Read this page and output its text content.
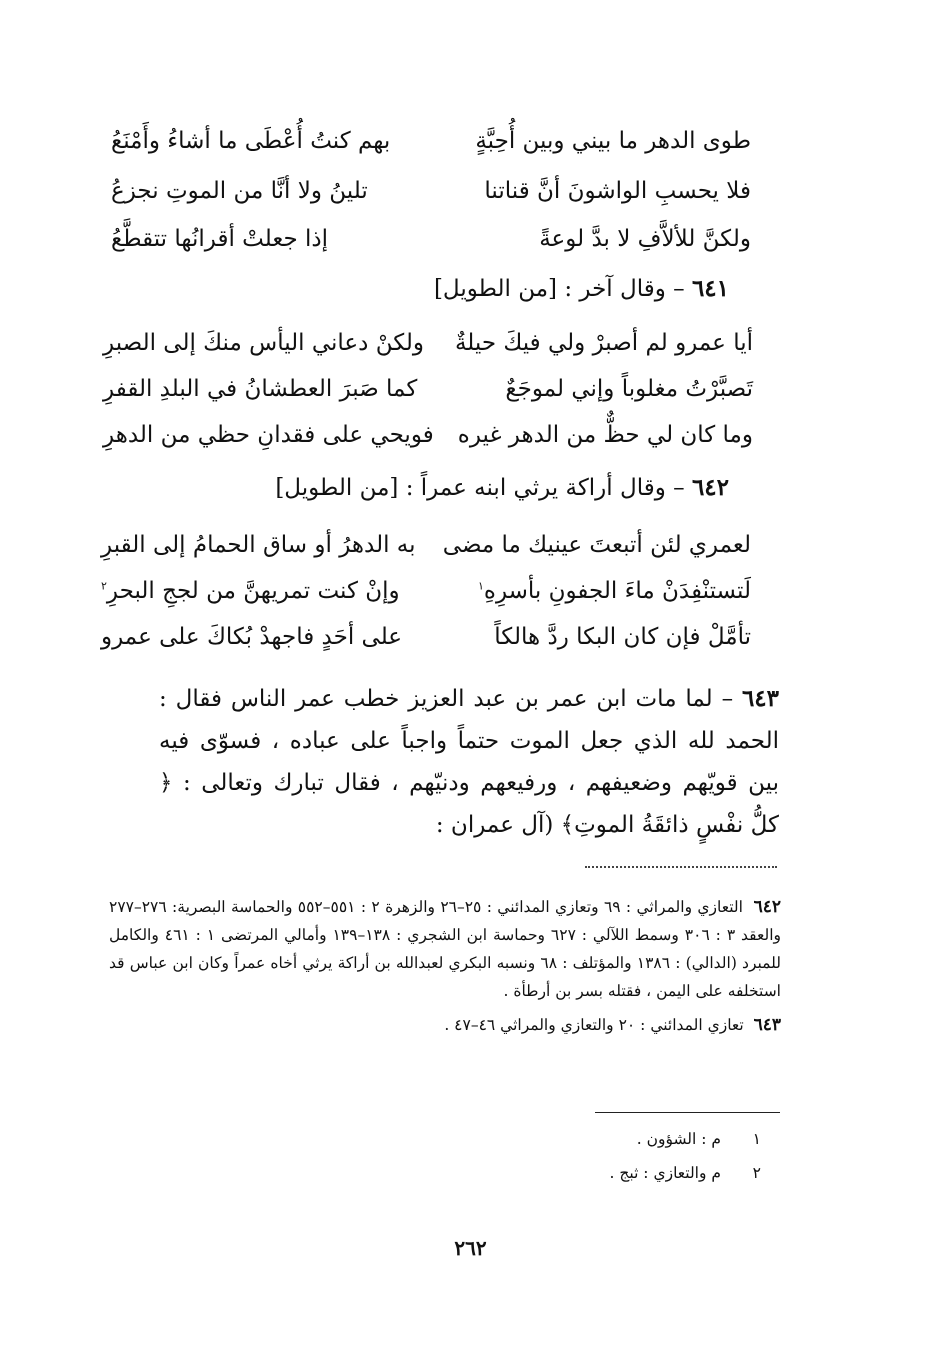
طوى الدهر ما بيني وبين أُحِبَّةٍ
بهم كنتُ أُعْطَى ما أشاءُ وأَمْنَعُ
فلا يحسبِ الواشونَ أنَّ قناتنا
تلينُ ولا أنَّا من الموتِ نجزعُ
ولكنَّ للألاَّفِ لا بدَّ لوعةً
إذا جعلتْ أقرانُها تتقطَّعُ
٦٤١ – وقال آخر : [من الطويل]
أيا عمرو لم أصبرْ ولي فيكَ حيلةٌ
ولكنْ دعاني اليأس منكَ إلى الصبرِ
تَصبَّرْتُ مغلوباً وإني لموجَعٌ
كما صَبرَ العطشانُ في البلدِ القفرِ
وما كان لي حظٌّ من الدهر غيره
فويحي على فقدانِ حظي من الدهرِ
٦٤٢ – وقال أراكة يرثي ابنه عمراً : [من الطويل]
لعمري لئن أتبعتَ عينيك ما مضى
به الدهرُ أو ساق الحمامُ إلى القبرِ
لَتستنْفِدَنْ ماءَ الجفونِ بأسرِهِ$^١$
وإنْ كنت تمريهنَّ من لججِ البحرِ$^٢$
تأمَّلْ فإن كان البكا ردَّ هالكاً
على أحَدٍ فاجهدْ بُكاكَ على عمرو

٦٤٣ – لما مات ابن عمر بن عبد العزيز خطب عمر الناس فقال : الحمد لله الذي جعل الموت حتماً واجباً على عباده ، فسوّى فيه بين قويّهم وضعيفهم ، ورفيعهم ودنيّهم ، فقال تبارك وتعالى : ﴿ كلُّ نفْسٍ ذائقَةُ الموتِ﴾ (آل عمران :

٦٤٢  التعازي والمراثي : ٦٩ وتعازي المدائني : ٢٥–٢٦ والزهرة ٢ : ٥٥١–٥٥٢ والحماسة البصرية: ٢٧٦–٢٧٧ والعقد ٣ : ٣٠٦ وسمط اللآلي : ٦٢٧ وحماسة ابن الشجري : ١٣٨–١٣٩ وأمالي المرتضى ١ : ٤٦١ والكامل للمبرد (الدالي) : ١٣٨٦ والمؤتلف : ٦٨ ونسبه البكري لعبدالله بن أراكة يرثي أخاه عمراً وكان ابن عباس قد استخلفه على اليمن ، فقتله بسر بن أرطأة .

٦٤٣  تعازي المدائني : ٢٠ والتعازي والمراثي ٤٦–٤٧ .

١م : الشؤون .
٢م والتعازي : ثبج .
٢٦٢
